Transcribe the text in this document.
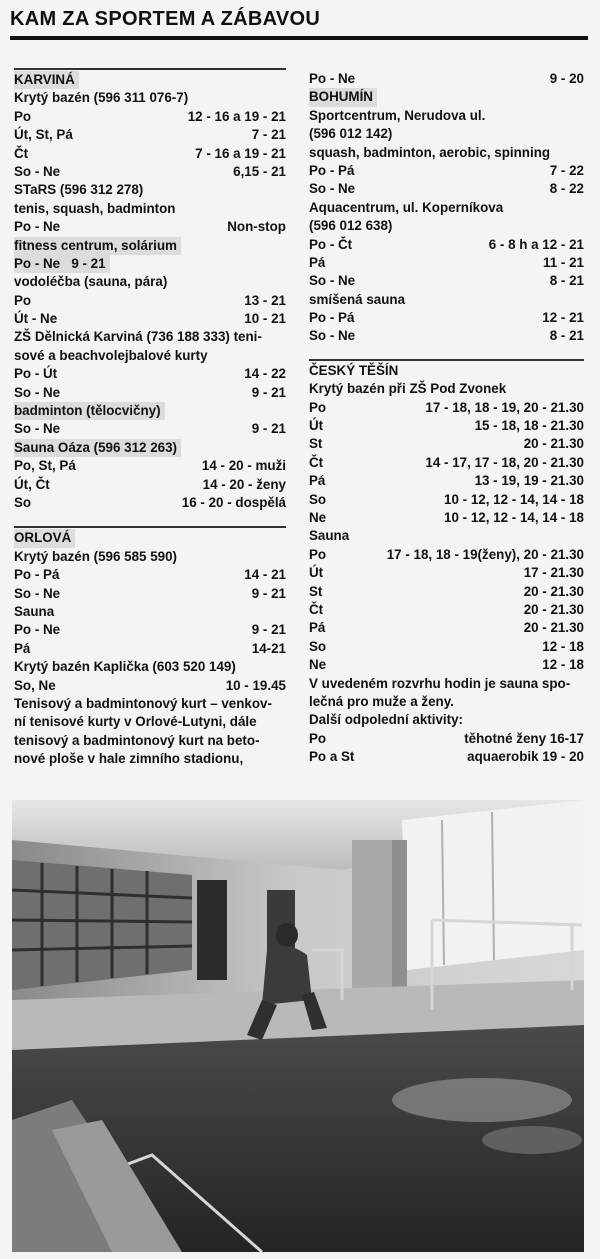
KAM ZA SPORTEM A ZÁBAVOU
KARVINÁ
Krytý bazén (596 311 076-7)
Po	12 - 16 a 19 - 21
Út, St, Pá	7 - 21
Čt	7 - 16 a 19 - 21
So - Ne	6,15 - 21
STaRS (596 312 278)
tenis, squash, badminton
Po - Ne	Non-stop
fitness centrum, solárium
Po - Ne 9 - 21
vodoléčba (sauna, pára)
Po	13 - 21
Út - Ne	10 - 21
ZŠ Dělnická Karviná (736 188 333) teni-
sové a beachvolejbalové kurty
Po - Út	14 - 22
So - Ne	9 - 21
badminton (tělocvičny)
So - Ne	9 - 21
Sauna Oáza (596 312 263)
Po, St, Pá	14 - 20 - muži
Út, Čt	14 - 20 - ženy
So	16 - 20 - dospělá
ORLOVÁ
Krytý bazén (596 585 590)
Po - Pá	14 - 21
So - Ne	9 - 21
Sauna
Po - Ne	9 - 21
Pá	14-21
Krytý bazén Kaplička (603 520 149)
So, Ne	10 - 19.45
Tenisový a badmintonový kurt – venkov-
ní tenisové kurty v Orlové-Lutyni, dále
tenisový a badmintonový kurt na beto-
nové ploše v hale zimního stadionu,
Po - Ne	9 - 20
BOHUMÍN
Sportcentrum, Nerudova ul.
(596 012 142)
squash, badminton, aerobic, spinning
Po - Pá	7 - 22
So - Ne	8 - 22
Aquacentrum, ul. Koperníkova
(596 012 638)
Po - Čt	6 - 8 h a 12 - 21
Pá	11 - 21
So - Ne	8 - 21
smíšená sauna
Po - Pá	12 - 21
So - Ne	8 - 21
ČESKÝ TĚŠÍN
Krytý bazén při ZŠ Pod Zvonek
Po	17 - 18, 18 - 19, 20 - 21.30
Út	15 - 18, 18 - 21.30
St	20 - 21.30
Čt	14 - 17, 17 - 18, 20 - 21.30
Pá	13 - 19, 19 - 21.30
So	10 - 12, 12 - 14, 14 - 18
Ne	10 - 12, 12 - 14, 14 - 18
Sauna
Po	17 - 18, 18 - 19(ženy), 20 - 21.30
Út	17 - 21.30
St	20 - 21.30
Čt	20 - 21.30
Pá	20 - 21.30
So	12 - 18
Ne	12 - 18
V uvedeném rozvrhu hodin je sauna spo-
lečná pro muže a ženy.
Další odpolední aktivity:
Po	těhotné ženy 16-17
Po a St	aquaerobik 19 - 20
